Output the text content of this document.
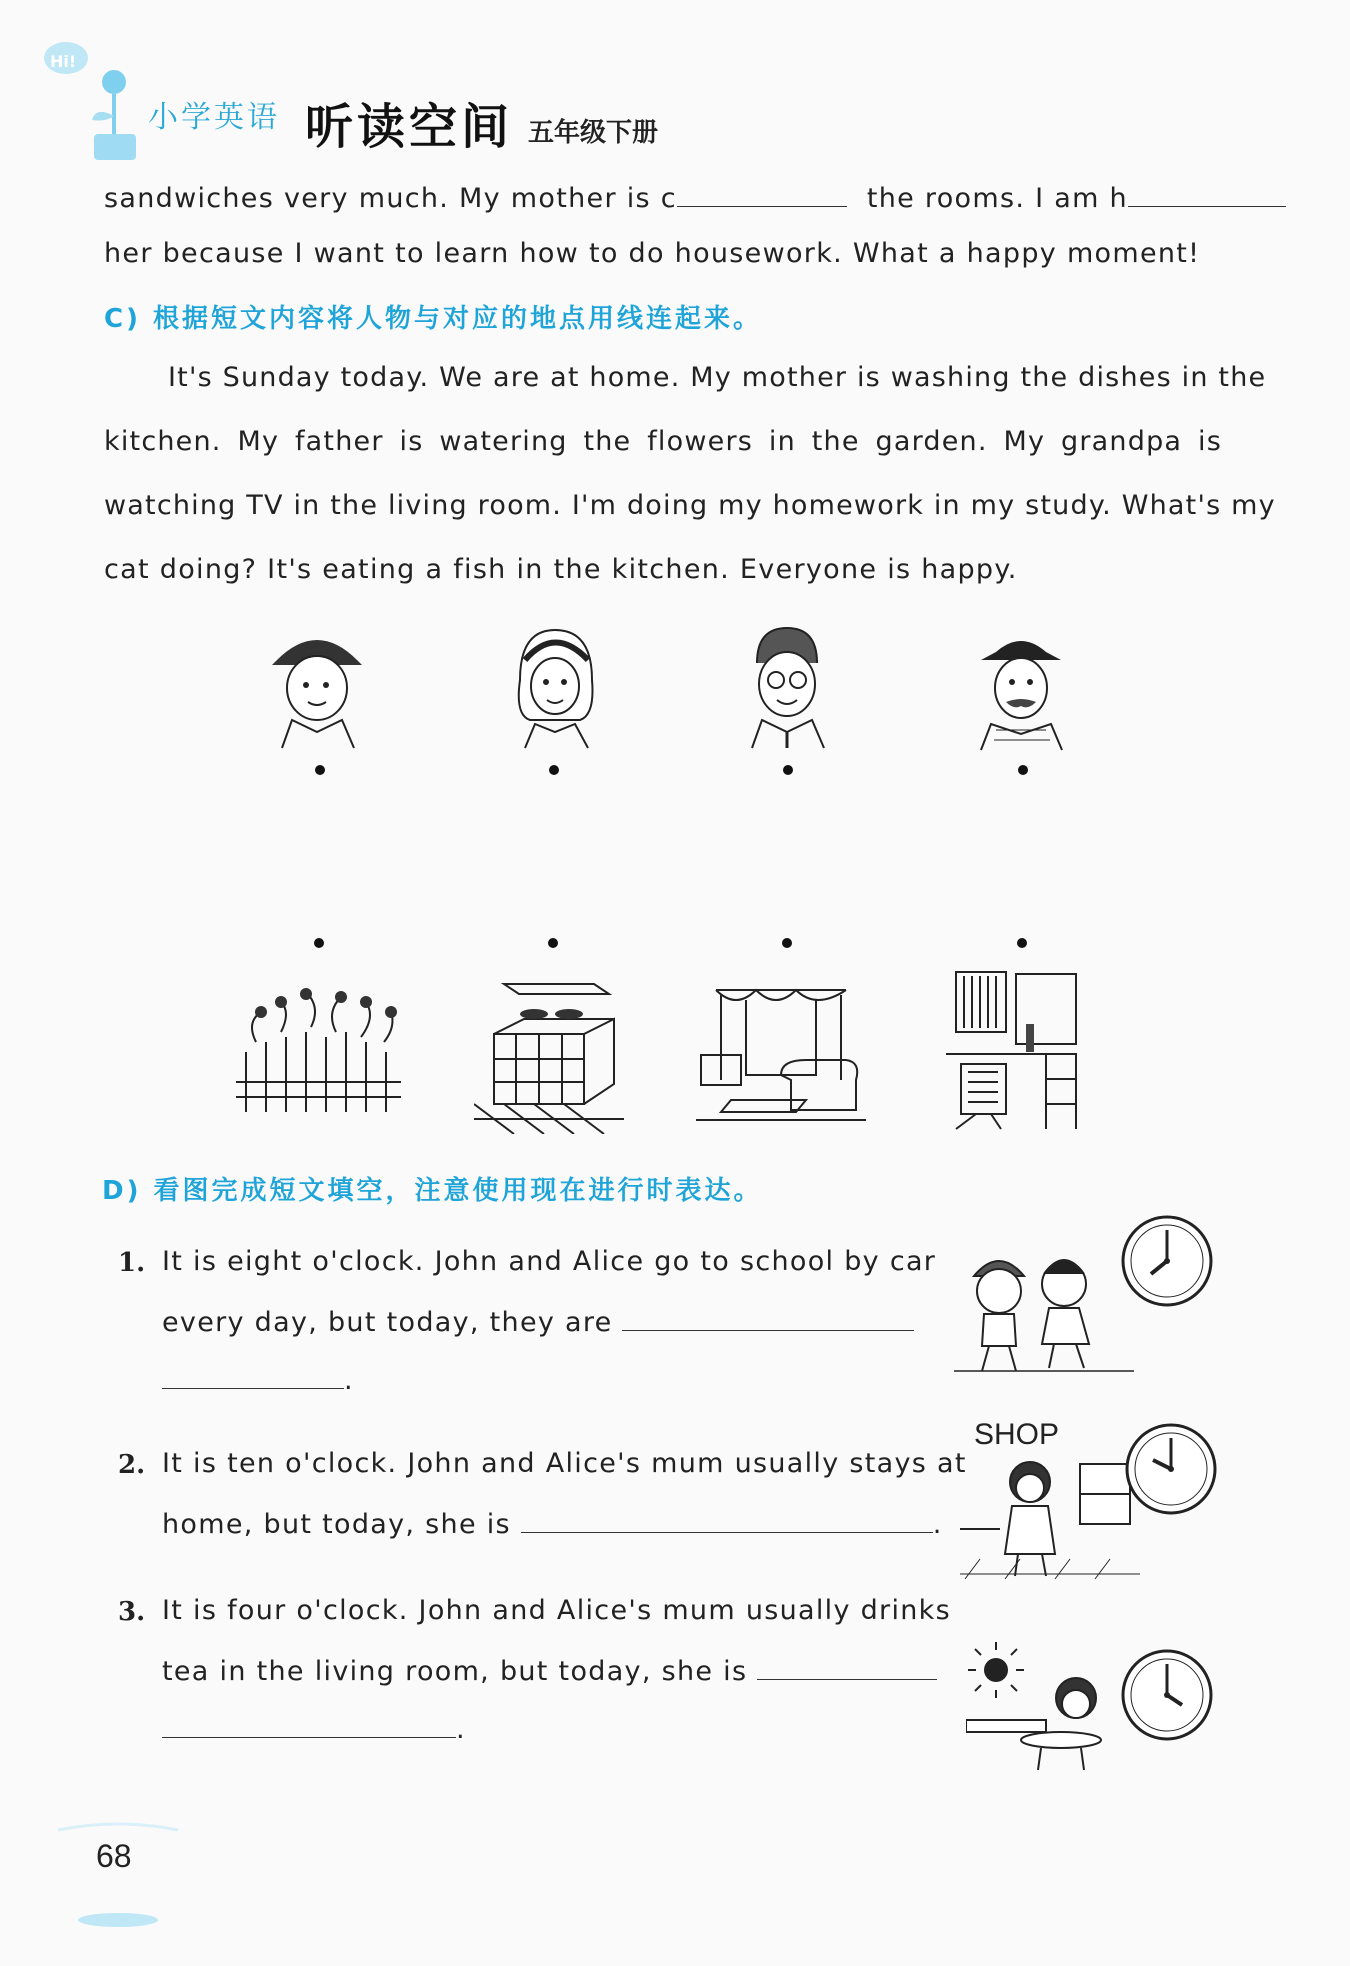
Hi!
小学英语 听读空间 五年级下册
sandwiches very much. My mother is c	the rooms. I am h
her because I want to learn how to do housework. What a happy moment!
C) 根据短文内容将人物与对应的地点用线连起来。
It's Sunday today. We are at home. My mother is washing the dishes in the
kitchen. My father is watering the flowers in the garden. My grandpa is
watching TV in the living room. I'm doing my homework in my study. What's my
cat doing? It's eating a fish in the kitchen. Everyone is happy.
D) 看图完成短文填空，注意使用现在进行时表达。
1. It is eight o'clock. John and Alice go to school by car
every day, but today, they are
.
2. It is ten o'clock. John and Alice's mum usually stays at
home, but today, she is	.
3. It is four o'clock. John and Alice's mum usually drinks
tea in the living room, but today, she is
.
SHOP
68
